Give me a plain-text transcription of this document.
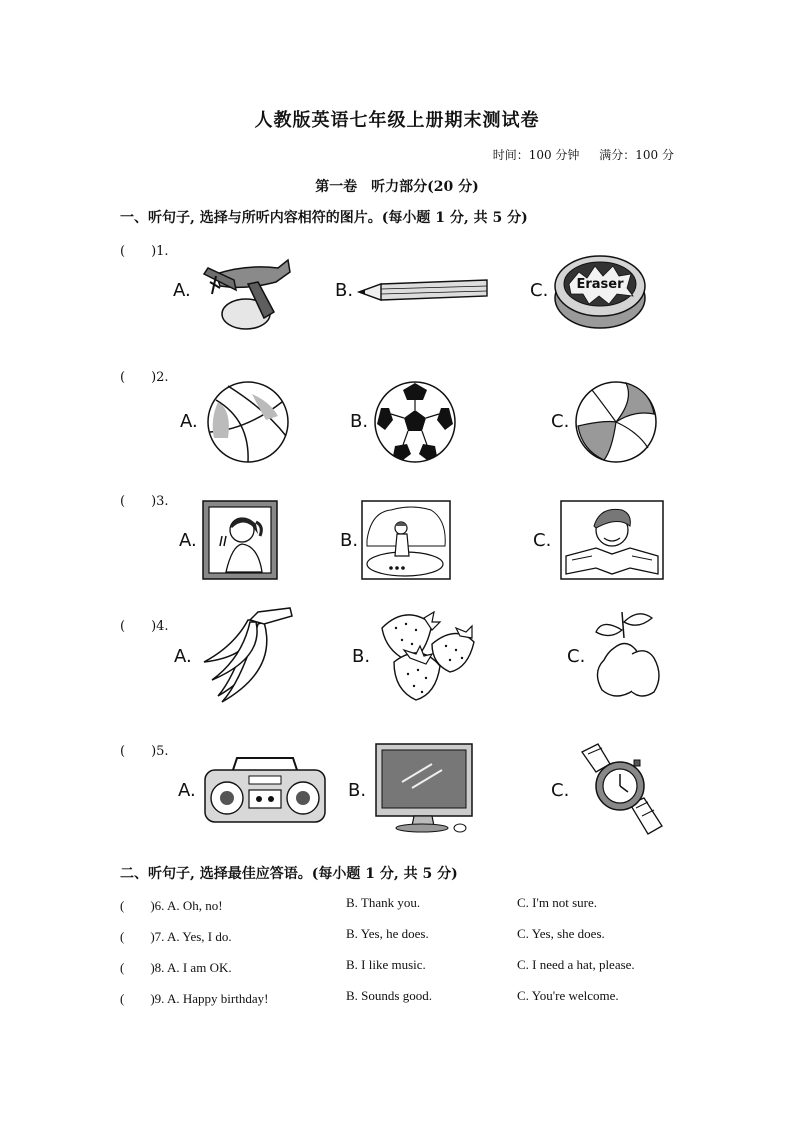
人教版英语七年级上册期末测试卷
时间：100 分钟 满分：100 分
第一卷　听力部分(20 分)
一、听句子, 选择与所听内容相符的图片。(每小题 1 分, 共 5 分)
(　　)1.
A.	B.	C. Eraser
(　　)2.
A.	B.	C.
(　　)3.
A.	B.	C.
(　　)4.
A.	B.	C.
(　　)5.
A.	B.	C.
二、听句子, 选择最佳应答语。(每小题 1 分, 共 5 分)
(　　)6. A. Oh, no!	B. Thank you.	C. I'm not sure.
(　　)7. A. Yes, I do.	B. Yes, he does.	C. Yes, she does.
(　　)8. A. I am OK.	B. I like music.	C. I need a hat, please.
(　　)9. A. Happy birthday!	B. Sounds good.	C. You're welcome.
